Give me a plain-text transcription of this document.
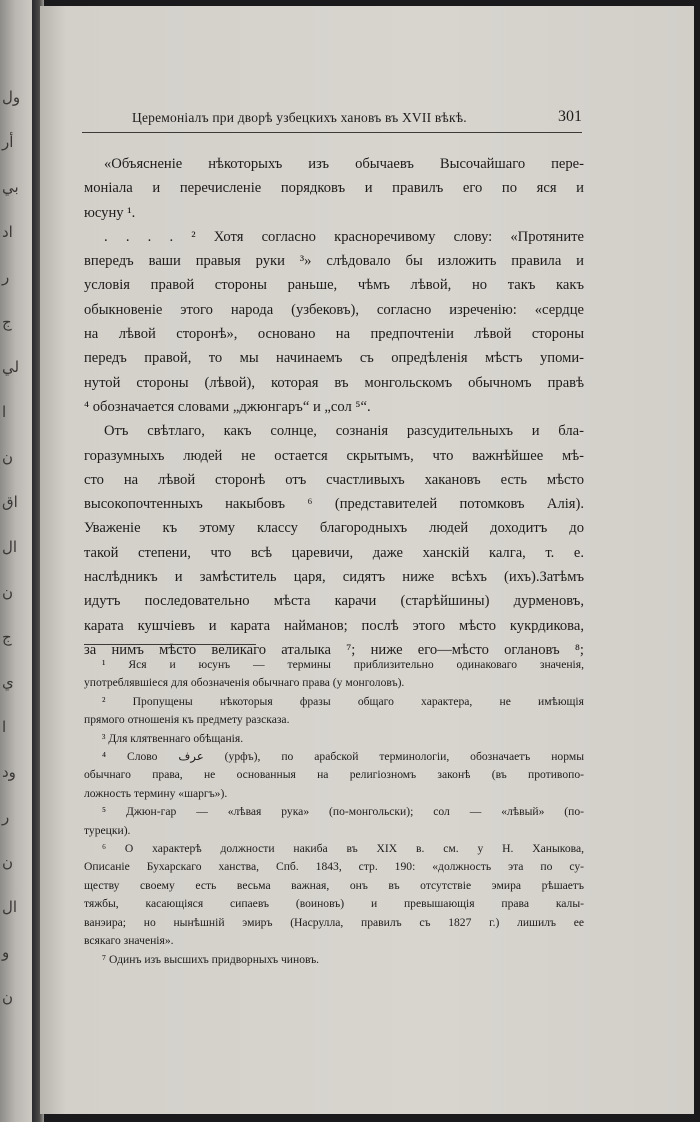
ول
أر
بي
اد
ر
ج
لي
ا
ن
اق
ال
ن
ج
ي
ا
ود
ر
ن
ال
و
ن
Церемоніалъ при дворѣ узбецкихъ хановъ въ XVII вѣкѣ.	301
«Объясненіе нѣкоторыхъ изъ обычаевъ Высочайшаго пере-
моніала и перечисленіе порядковъ и правилъ его по яся и
юсуну ¹.
. . . . ² Хотя согласно красноречивому слову: «Протяните
впередъ ваши правыя руки ³» слѣдовало бы изложить правила и
условія правой стороны раньше, чѣмъ лѣвой, но такъ какъ
обыкновеніе этого народа (узбековъ), согласно изреченію: «сердце
на лѣвой сторонѣ», основано на предпочтеніи лѣвой стороны
передъ правой, то мы начинаемъ съ опредѣленія мѣстъ упоми-
нутой стороны (лѣвой), которая въ монгольскомъ обычномъ правѣ
⁴ обозначается словами „джюнгаръ“ и „сол ⁵“.
Отъ свѣтлаго, какъ солнце, сознанія разсудительныхъ и бла-
горазумныхъ людей не остается скрытымъ, что важнѣйшее мѣ-
сто на лѣвой сторонѣ отъ счастливыхъ хакановъ есть мѣсто
высокопочтенныхъ накыбовъ ⁶ (представителей потомковъ Алія).
Уваженіе къ этому классу благородныхъ людей доходитъ до
такой степени, что всѣ царевичи, даже ханскій калга, т. е.
наслѣдникъ и замѣститель царя, сидятъ ниже всѣхъ (ихъ).Затѣмъ
идутъ последовательно мѣста карачи (старѣйшины) дурменовъ,
карата кушчіевъ и карата найманов; послѣ этого мѣсто кукрдикова,
за нимъ мѣсто великаго аталыка ⁷; ниже его—мѣсто оглановъ ⁸;
¹ Яся и юсунъ — термины приблизительно одинаковаго значенія,
употреблявшіеся для обозначенія обычнаго права (у монголовъ).
² Пропущены нѣкоторыя фразы общаго характера, не имѣющія
прямого отношенія къ предмету разсказа.
³ Для клятвеннаго обѣщанія.
⁴ Слово عرف (урфъ), по арабской терминологіи, обозначаетъ нормы
обычнаго права, не основанныя на религіозномъ законѣ (въ противопо-
ложность термину «шаргъ»).
⁵ Джюн-гар — «лѣвая рука» (по-монгольски); сол — «лѣвый» (по-
турецки).
⁶ О характерѣ должности накиба въ XIX в. см. у Н. Ханыкова,
Описаніе Бухарскаго ханства, Спб. 1843, стр. 190: «должность эта по су-
ществу своему есть весьма важная, онъ въ отсутствіе эмира рѣшаетъ
тяжбы, касающіяся сипаевъ (воиновъ) и превышающія права калы-
ванэира; но нынѣшній эмиръ (Насрулла, правилъ съ 1827 г.) лишилъ ее
всякаго значенія».
⁷ Одинъ изъ высшихъ придворныхъ чиновъ.
